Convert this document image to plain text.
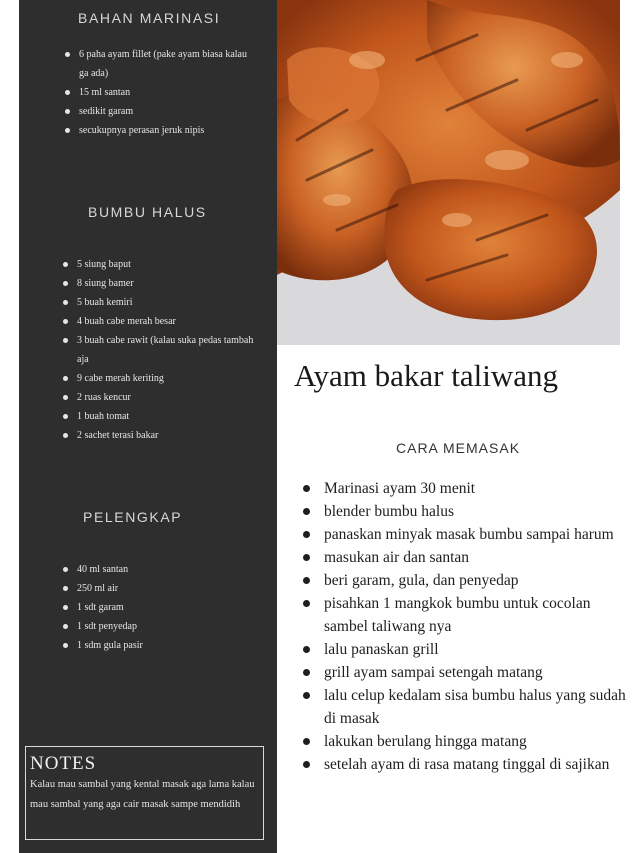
BAHAN MARINASI
6 paha ayam fillet (pake ayam biasa kalau ga ada)
15 ml santan
sedikit garam
secukupnya perasan jeruk nipis
BUMBU HALUS
5 siung baput
8 siung bamer
5 buah kemiri
4 buah cabe merah besar
3 buah cabe rawit (kalau suka pedas tambah aja
9 cabe merah keriting
2 ruas kencur
1 buah tomat
2 sachet terasi bakar
PELENGKAP
40 ml santan
250 ml air
1 sdt garam
1 sdt penyedap
1 sdm gula pasir
NOTES
Kalau mau sambal yang kental masak aga lama kalau mau sambal yang aga cair masak sampe mendidih
Ayam bakar taliwang
CARA MEMASAK
Marinasi ayam 30 menit
blender bumbu halus
panaskan minyak masak bumbu sampai harum
masukan air dan santan
beri garam, gula, dan penyedap
pisahkan 1 mangkok bumbu untuk cocolan sambel taliwang nya
lalu panaskan grill
grill ayam sampai setengah matang
lalu celup kedalam sisa bumbu halus yang sudah di masak
lakukan berulang hingga matang
setelah ayam di rasa matang tinggal di sajikan
